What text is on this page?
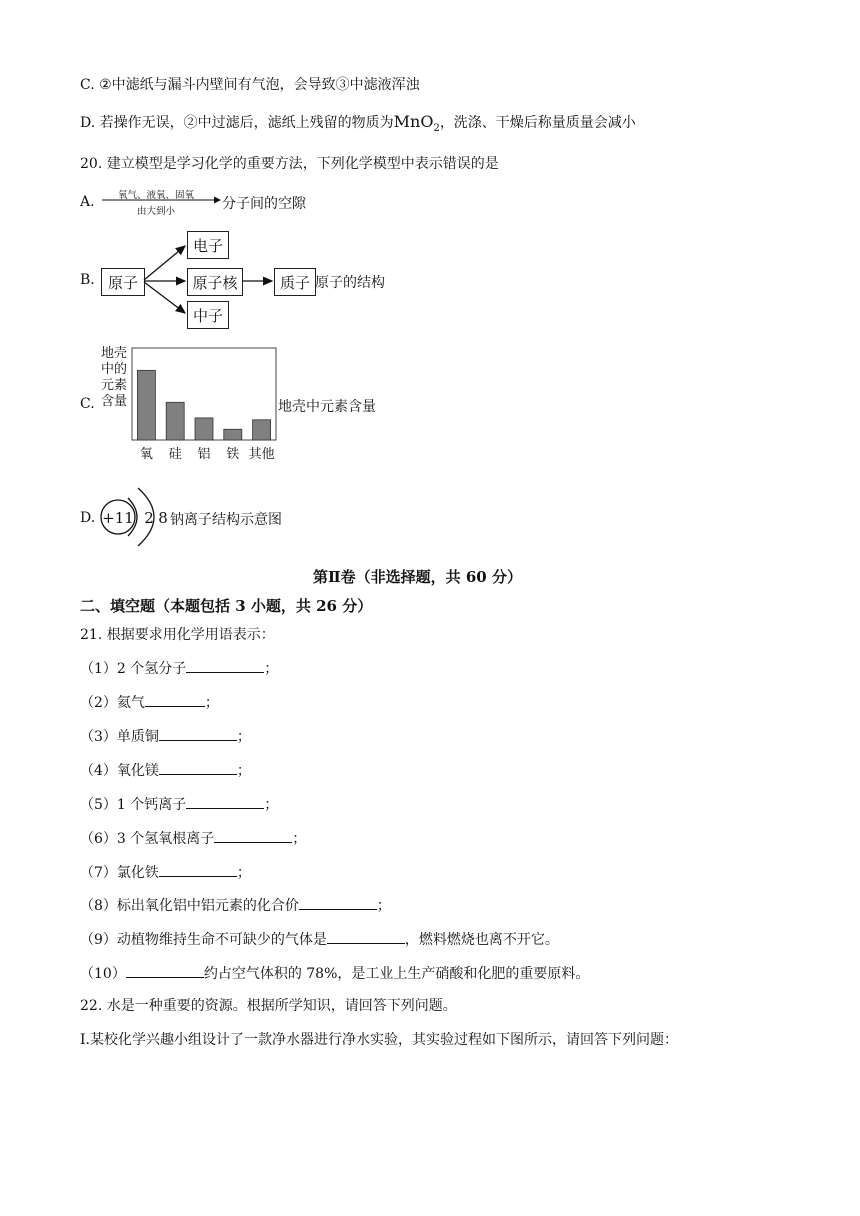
C. ②中滤纸与漏斗内壁间有气泡，会导致③中滤液浑浊
D. 若操作无误，②中过滤后，滤纸上残留的物质为MnO$_2$，洗涤、干燥后称量质量会减小
20. 建立模型是学习化学的重要方法，下列化学模型中表示错误的是
A. 氧气、液氧、固氧
由大到小	分子间的空隙
B. 原子
电子
原子核
中子
质子 原子的结构
C.
地壳
中的
元素
含量
氧 硅 铝 铁 其他
地壳中元素含量
D. +11 2 8 钠离子结构示意图
第Ⅱ卷（非选择题，共 60 分）
二、填空题（本题包括 3 小题，共 26 分）
21. 根据要求用化学用语表示：
（1）2 个氢分子	；
（2）氦气	；
（3）单质铜	；
（4）氧化镁	；
（5）1 个钙离子	；
（6）3 个氢氧根离子	；
（7）氯化铁	；
（8）标出氧化铝中铝元素的化合价	；
（9）动植物维持生命不可缺少的气体是	，燃料燃烧也离不开它。
（10）	约占空气体积的 78%，是工业上生产硝酸和化肥的重要原料。
22. 水是一种重要的资源。根据所学知识，请回答下列问题。
Ⅰ.某校化学兴趣小组设计了一款净水器进行净水实验，其实验过程如下图所示，请回答下列问题：
